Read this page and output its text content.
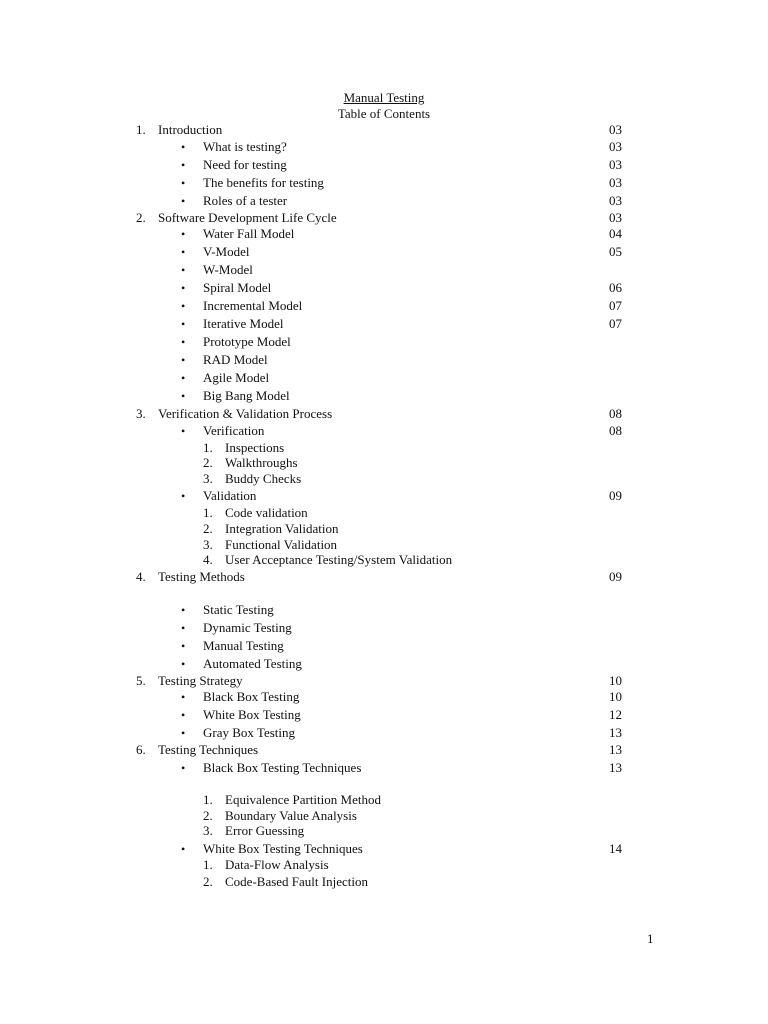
Manual Testing
Table of Contents
1. Introduction	03
• What is testing?	03
• Need for testing	03
• The benefits for testing	03
• Roles of a tester	03
2. Software Development Life Cycle	03
• Water Fall Model	04
• V-Model	05
• W-Model
• Spiral Model	06
• Incremental Model	07
• Iterative Model	07
• Prototype Model
• RAD Model
• Agile Model
• Big Bang Model
3. Verification & Validation Process	08
• Verification	08
1. Inspections
2. Walkthroughs
3. Buddy Checks
• Validation	09
1. Code validation
2. Integration Validation
3. Functional Validation
4. User Acceptance Testing/System Validation
4. Testing Methods	09
• Static Testing
• Dynamic Testing
• Manual Testing
• Automated Testing
5. Testing Strategy	10
• Black Box Testing	10
• White Box Testing	12
• Gray Box Testing	13
6. Testing Techniques	13
• Black Box Testing Techniques	13
1. Equivalence Partition Method
2. Boundary Value Analysis
3. Error Guessing
• White Box Testing Techniques	14
1. Data-Flow Analysis
2. Code-Based Fault Injection
1
